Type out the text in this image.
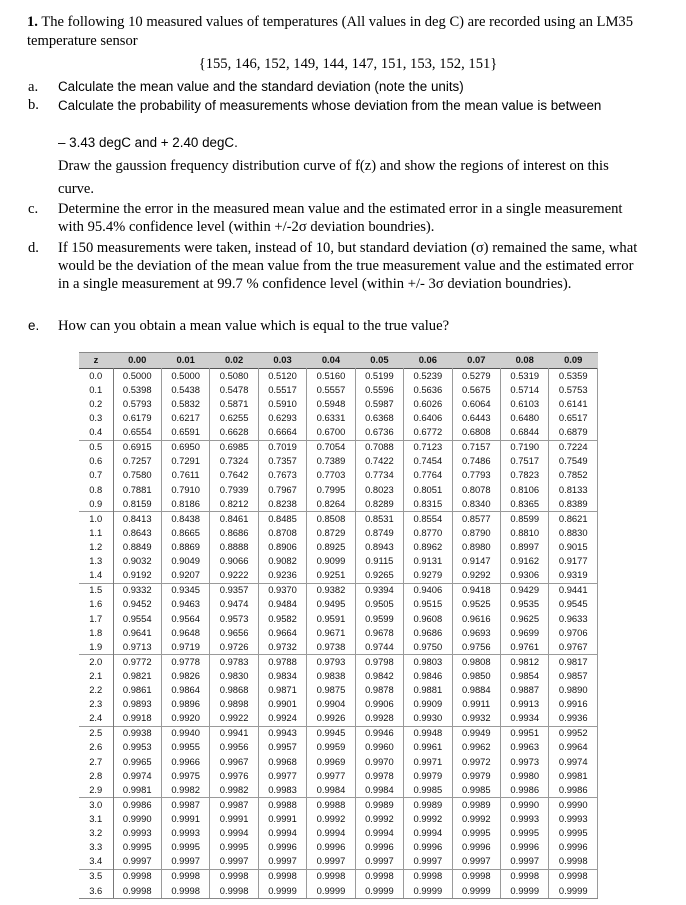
1. The following 10 measured values of temperatures (All values in deg C) are recorded using an LM35 temperature sensor
{155, 146, 152, 149, 144, 147, 151, 153, 152, 151}
a. Calculate the mean value and the standard deviation (note the units)
b. Calculate the probability of measurements whose deviation from the mean value is between
– 3.43 degC and + 2.40 degC.
Draw the gaussion frequency distribution curve of f(z) and show the regions of interest on this curve.
c. Determine the error in the measured mean value and the estimated error in a single measurement with 95.4% confidence level (within +/-2σ deviation boundries).
d. If 150 measurements were taken, instead of 10, but standard deviation (σ) remained the same, what would be the deviation of the mean value from the true measurement value and the estimated error in a single measurement at 99.7 % confidence level (within +/- 3σ deviation boundries).
e. How can you obtain a mean value which is equal to the true value?
z	0.00	0.01	0.02	0.03	0.04	0.05	0.06	0.07	0.08	0.09
0.0	0.5000	0.5000	0.5080	0.5120	0.5160	0.5199	0.5239	0.5279	0.5319	0.5359
0.1	0.5398	0.5438	0.5478	0.5517	0.5557	0.5596	0.5636	0.5675	0.5714	0.5753
0.2	0.5793	0.5832	0.5871	0.5910	0.5948	0.5987	0.6026	0.6064	0.6103	0.6141
0.3	0.6179	0.6217	0.6255	0.6293	0.6331	0.6368	0.6406	0.6443	0.6480	0.6517
0.4	0.6554	0.6591	0.6628	0.6664	0.6700	0.6736	0.6772	0.6808	0.6844	0.6879
0.5	0.6915	0.6950	0.6985	0.7019	0.7054	0.7088	0.7123	0.7157	0.7190	0.7224
0.6	0.7257	0.7291	0.7324	0.7357	0.7389	0.7422	0.7454	0.7486	0.7517	0.7549
0.7	0.7580	0.7611	0.7642	0.7673	0.7703	0.7734	0.7764	0.7793	0.7823	0.7852
0.8	0.7881	0.7910	0.7939	0.7967	0.7995	0.8023	0.8051	0.8078	0.8106	0.8133
0.9	0.8159	0.8186	0.8212	0.8238	0.8264	0.8289	0.8315	0.8340	0.8365	0.8389
1.0	0.8413	0.8438	0.8461	0.8485	0.8508	0.8531	0.8554	0.8577	0.8599	0.8621
1.1	0.8643	0.8665	0.8686	0.8708	0.8729	0.8749	0.8770	0.8790	0.8810	0.8830
1.2	0.8849	0.8869	0.8888	0.8906	0.8925	0.8943	0.8962	0.8980	0.8997	0.9015
1.3	0.9032	0.9049	0.9066	0.9082	0.9099	0.9115	0.9131	0.9147	0.9162	0.9177
1.4	0.9192	0.9207	0.9222	0.9236	0.9251	0.9265	0.9279	0.9292	0.9306	0.9319
1.5	0.9332	0.9345	0.9357	0.9370	0.9382	0.9394	0.9406	0.9418	0.9429	0.9441
1.6	0.9452	0.9463	0.9474	0.9484	0.9495	0.9505	0.9515	0.9525	0.9535	0.9545
1.7	0.9554	0.9564	0.9573	0.9582	0.9591	0.9599	0.9608	0.9616	0.9625	0.9633
1.8	0.9641	0.9648	0.9656	0.9664	0.9671	0.9678	0.9686	0.9693	0.9699	0.9706
1.9	0.9713	0.9719	0.9726	0.9732	0.9738	0.9744	0.9750	0.9756	0.9761	0.9767
2.0	0.9772	0.9778	0.9783	0.9788	0.9793	0.9798	0.9803	0.9808	0.9812	0.9817
2.1	0.9821	0.9826	0.9830	0.9834	0.9838	0.9842	0.9846	0.9850	0.9854	0.9857
2.2	0.9861	0.9864	0.9868	0.9871	0.9875	0.9878	0.9881	0.9884	0.9887	0.9890
2.3	0.9893	0.9896	0.9898	0.9901	0.9904	0.9906	0.9909	0.9911	0.9913	0.9916
2.4	0.9918	0.9920	0.9922	0.9924	0.9926	0.9928	0.9930	0.9932	0.9934	0.9936
2.5	0.9938	0.9940	0.9941	0.9943	0.9945	0.9946	0.9948	0.9949	0.9951	0.9952
2.6	0.9953	0.9955	0.9956	0.9957	0.9959	0.9960	0.9961	0.9962	0.9963	0.9964
2.7	0.9965	0.9966	0.9967	0.9968	0.9969	0.9970	0.9971	0.9972	0.9973	0.9974
2.8	0.9974	0.9975	0.9976	0.9977	0.9977	0.9978	0.9979	0.9979	0.9980	0.9981
2.9	0.9981	0.9982	0.9982	0.9983	0.9984	0.9984	0.9985	0.9985	0.9986	0.9986
3.0	0.9986	0.9987	0.9987	0.9988	0.9988	0.9989	0.9989	0.9989	0.9990	0.9990
3.1	0.9990	0.9991	0.9991	0.9991	0.9992	0.9992	0.9992	0.9992	0.9993	0.9993
3.2	0.9993	0.9993	0.9994	0.9994	0.9994	0.9994	0.9994	0.9995	0.9995	0.9995
3.3	0.9995	0.9995	0.9995	0.9996	0.9996	0.9996	0.9996	0.9996	0.9996	0.9996
3.4	0.9997	0.9997	0.9997	0.9997	0.9997	0.9997	0.9997	0.9997	0.9997	0.9998
3.5	0.9998	0.9998	0.9998	0.9998	0.9998	0.9998	0.9998	0.9998	0.9998	0.9998
3.6	0.9998	0.9998	0.9998	0.9999	0.9999	0.9999	0.9999	0.9999	0.9999	0.9999
